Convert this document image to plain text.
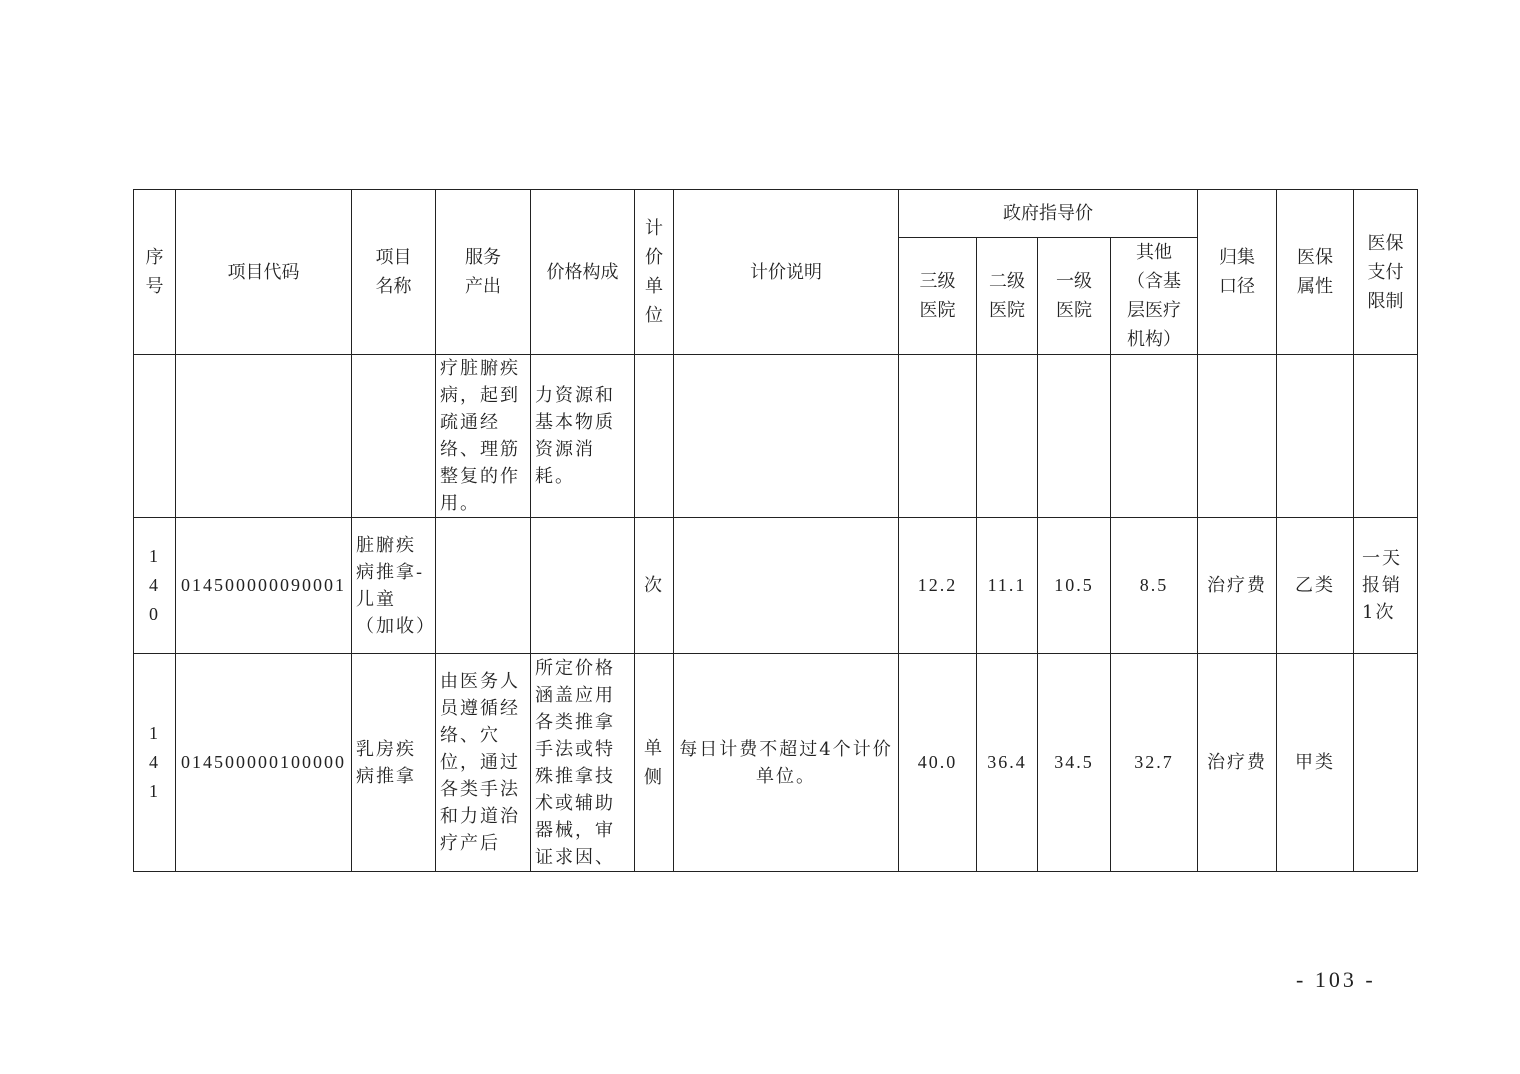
序号	项目代码	项目名称	服务产出	价格构成	计价单位	计价说明	政府指导价				归集口径	医保属性	医保支付限制
							三级医院	二级医院	一级医院	其他（含基层医疗机构）			

			疗脏腑疾病，起到疏通经络、理筋整复的作用。	力资源和基本物质资源消耗。									

140	014500000090001	脏腑疾病推拿-儿童（加收）			次		12.2	11.1	10.5	8.5	治疗费	乙类	一天报销1次

141	014500000100000	乳房疾病推拿	由医务人员遵循经络、穴位，通过各类手法和力道治疗产后	所定价格涵盖应用各类推拿手法或特殊推拿技术或辅助器械，审证求因、	单侧	每日计费不超过4个计价单位。	40.0	36.4	34.5	32.7	治疗费	甲类	
- 103 -
